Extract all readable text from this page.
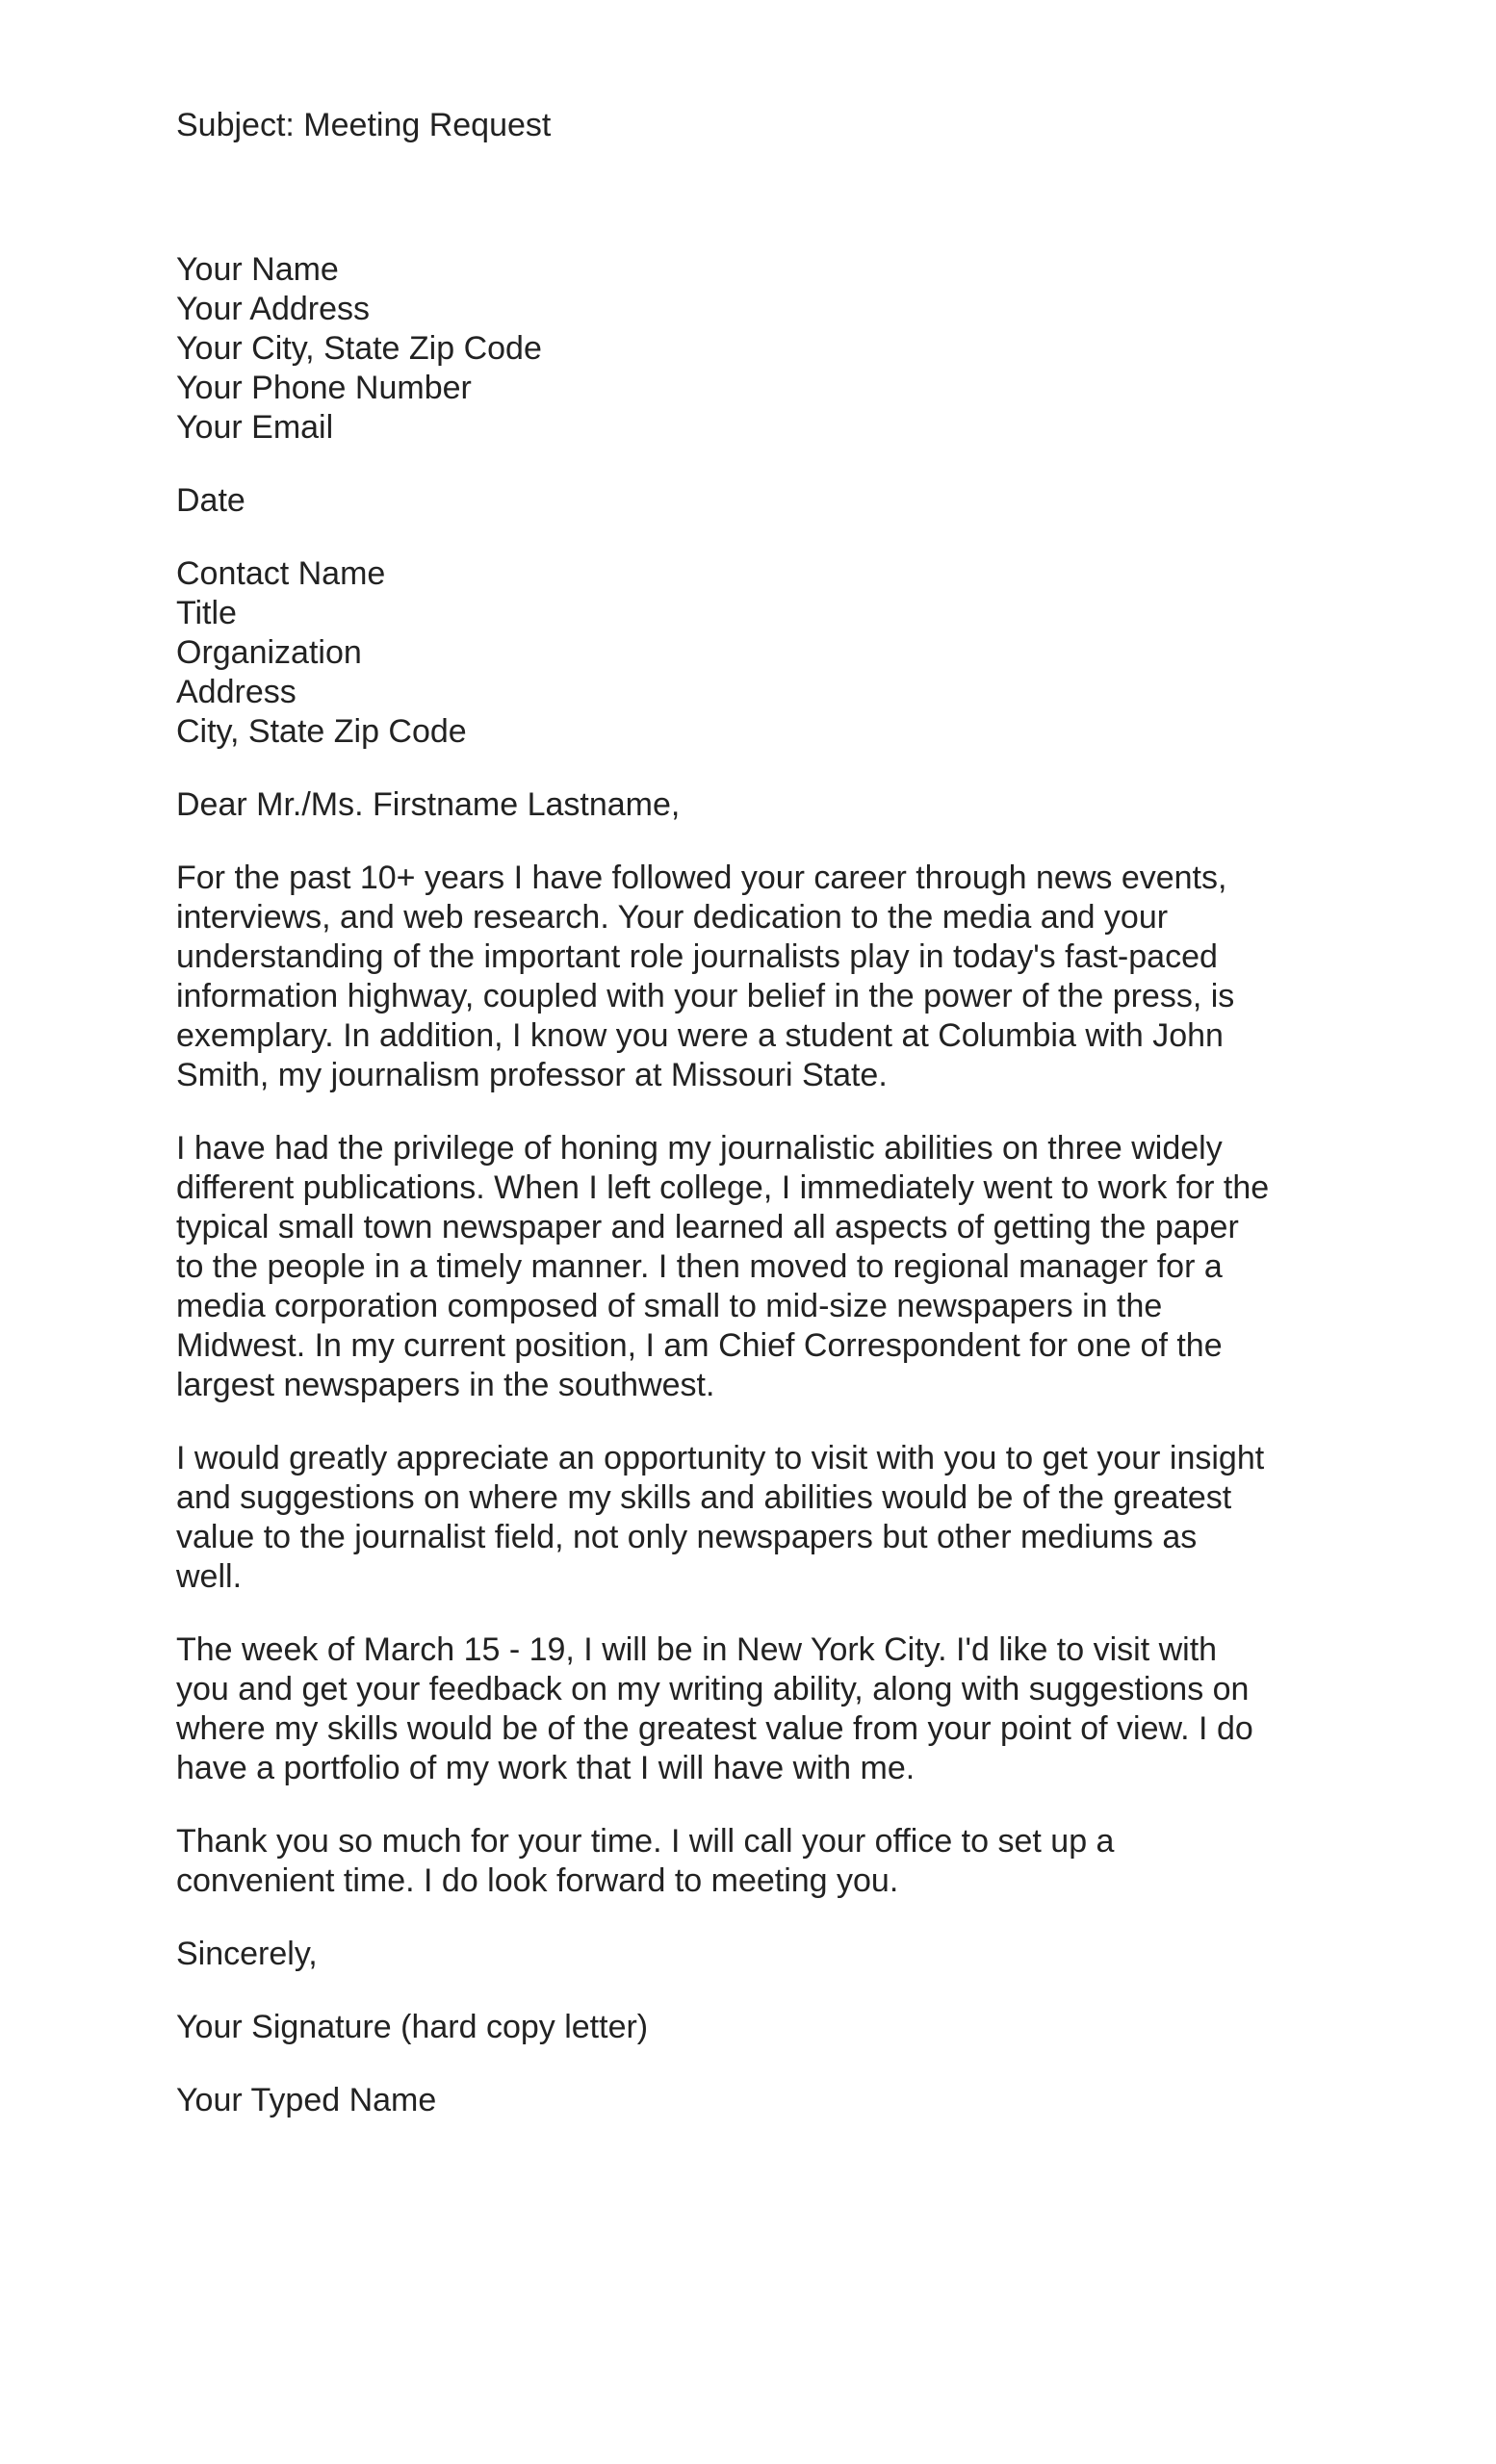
Subject: Meeting Request
Your Name
Your Address
Your City, State Zip Code
Your Phone Number
Your Email
Date
Contact Name
Title
Organization
Address
City, State Zip Code
Dear Mr./Ms. Firstname Lastname,
For the past 10+ years I have followed your career through news events,
interviews, and web research. Your dedication to the media and your
understanding of the important role journalists play in today's fast-paced
information highway, coupled with your belief in the power of the press, is
exemplary. In addition, I know you were a student at Columbia with John
Smith, my journalism professor at Missouri State.
I have had the privilege of honing my journalistic abilities on three widely
different publications. When I left college, I immediately went to work for the
typical small town newspaper and learned all aspects of getting the paper
to the people in a timely manner. I then moved to regional manager for a
media corporation composed of small to mid-size newspapers in the
Midwest. In my current position, I am Chief Correspondent for one of the
largest newspapers in the southwest.
I would greatly appreciate an opportunity to visit with you to get your insight
and suggestions on where my skills and abilities would be of the greatest
value to the journalist field, not only newspapers but other mediums as
well.
The week of March 15 - 19, I will be in New York City. I'd like to visit with
you and get your feedback on my writing ability, along with suggestions on
where my skills would be of the greatest value from your point of view. I do
have a portfolio of my work that I will have with me.
Thank you so much for your time. I will call your office to set up a
convenient time. I do look forward to meeting you.
Sincerely,
Your Signature (hard copy letter)
Your Typed Name
